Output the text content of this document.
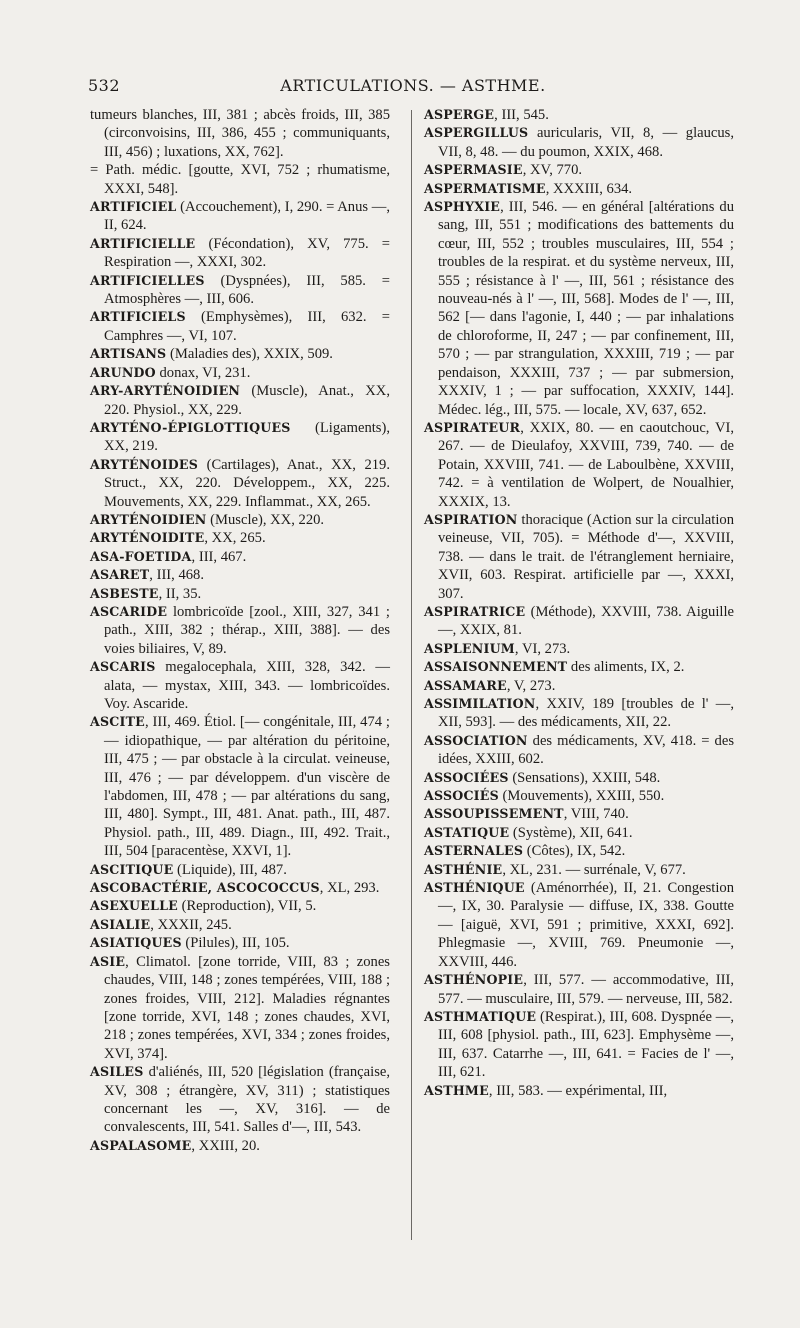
532	ARTICULATIONS. — ASTHME.
tumeurs blanches, III, 381 ; abcès froids, III, 385 (circonvoisins, III, 386, 455 ; communiquants, III, 456) ; luxations, XX, 762].
= Path. médic. [goutte, XVI, 752 ; rhumatisme, XXXI, 548].
ARTIFICIEL (Accouchement), I, 290. = Anus —, II, 624.
ARTIFICIELLE (Fécondation), XV, 775. = Respiration —, XXXI, 302.
ARTIFICIELLES (Dyspnées), III, 585. = Atmosphères —, III, 606.
ARTIFICIELS (Emphysèmes), III, 632. = Camphres —, VI, 107.
ARTISANS (Maladies des), XXIX, 509.
ARUNDO donax, VI, 231.
ARY-ARYTÉNOIDIEN (Muscle), Anat., XX, 220. Physiol., XX, 229.
ARYTÉNO-ÉPIGLOTTIQUES (Ligaments), XX, 219.
ARYTÉNOIDES (Cartilages), Anat., XX, 219. Struct., XX, 220. Développem., XX, 225. Mouvements, XX, 229. Inflammat., XX, 265.
ARYTÉNOIDIEN (Muscle), XX, 220.
ARYTÉNOIDITE, XX, 265.
ASA-FOETIDA, III, 467.
ASARET, III, 468.
ASBESTE, II, 35.
ASCARIDE lombricoïde [zool., XIII, 327, 341 ; path., XIII, 382 ; thérap., XIII, 388]. — des voies biliaires, V, 89.
ASCARIS megalocephala, XIII, 328, 342. — alata, — mystax, XIII, 343. — lombricoïdes. Voy. Ascaride.
ASCITE, III, 469. Étiol. [— congénitale, III, 474 ; — idiopathique, — par altération du péritoine, III, 475 ; — par obstacle à la circulat. veineuse, III, 476 ; — par développem. d'un viscère de l'abdomen, III, 478 ; — par altérations du sang, III, 480]. Sympt., III, 481. Anat. path., III, 487. Physiol. path., III, 489. Diagn., III, 492. Trait., III, 504 [paracentèse, XXVI, 1].
ASCITIQUE (Liquide), III, 487.
ASCOBACTÉRIE, ASCOCOCCUS, XL, 293.
ASEXUELLE (Reproduction), VII, 5.
ASIALIE, XXXII, 245.
ASIATIQUES (Pilules), III, 105.
ASIE, Climatol. [zone torride, VIII, 83 ; zones chaudes, VIII, 148 ; zones tempérées, VIII, 188 ; zones froides, VIII, 212]. Maladies régnantes [zone torride, XVI, 148 ; zones chaudes, XVI, 218 ; zones tempérées, XVI, 334 ; zones froides, XVI, 374].
ASILES d'aliénés, III, 520 [législation (française, XV, 308 ; étrangère, XV, 311) ; statistiques concernant les —, XV, 316]. — de convalescents, III, 541. Salles d'—, III, 543.
ASPALASOME, XXIII, 20.
ASPERGE, III, 545.
ASPERGILLUS auricularis, VII, 8, — glaucus, VII, 8, 48. — du poumon, XXIX, 468.
ASPERMASIE, XV, 770.
ASPERMATISME, XXXIII, 634.
ASPHYXIE, III, 546. — en général [altérations du sang, III, 551 ; modifications des battements du cœur, III, 552 ; troubles musculaires, III, 554 ; troubles de la respirat. et du système nerveux, III, 555 ; résistance à l' —, III, 561 ; résistance des nouveau-nés à l' —, III, 568]. Modes de l' —, III, 562 [— dans l'agonie, I, 440 ; — par inhalations de chloroforme, II, 247 ; — par confinement, III, 570 ; — par strangulation, XXXIII, 719 ; — par pendaison, XXXIII, 737 ; — par submersion, XXXIV, 1 ; — par suffocation, XXXIV, 144]. Médec. lég., III, 575. — locale, XV, 637, 652.
ASPIRATEUR, XXIX, 80. — en caoutchouc, VI, 267. — de Dieulafoy, XXVIII, 739, 740. — de Potain, XXVIII, 741. — de Laboulbène, XXVIII, 742. = à ventilation de Wolpert, de Noualhier, XXXIX, 13.
ASPIRATION thoracique (Action sur la circulation veineuse, VII, 705). = Méthode d'—, XXVIII, 738. — dans le trait. de l'étranglement herniaire, XVII, 603. Respirat. artificielle par —, XXXI, 307.
ASPIRATRICE (Méthode), XXVIII, 738. Aiguille —, XXIX, 81.
ASPLENIUM, VI, 273.
ASSAISONNEMENT des aliments, IX, 2.
ASSAMARE, V, 273.
ASSIMILATION, XXIV, 189 [troubles de l' —, XII, 593]. — des médicaments, XII, 22.
ASSOCIATION des médicaments, XV, 418. = des idées, XXIII, 602.
ASSOCIÉES (Sensations), XXIII, 548.
ASSOCIÉS (Mouvements), XXIII, 550.
ASSOUPISSEMENT, VIII, 740.
ASTATIQUE (Système), XII, 641.
ASTERNALES (Côtes), IX, 542.
ASTHÉNIE, XL, 231. — surrénale, V, 677.
ASTHÉNIQUE (Aménorrhée), II, 21. Congestion —, IX, 30. Paralysie — diffuse, IX, 338. Goutte — [aiguë, XVI, 591 ; primitive, XXXI, 692]. Phlegmasie —, XVIII, 769. Pneumonie —, XXVIII, 446.
ASTHÉNOPIE, III, 577. — accommodative, III, 577. — musculaire, III, 579. — nerveuse, III, 582.
ASTHMATIQUE (Respirat.), III, 608. Dyspnée —, III, 608 [physiol. path., III, 623]. Emphysème —, III, 637. Catarrhe —, III, 641. = Facies de l' —, III, 621.
ASTHME, III, 583. — expérimental, III,
